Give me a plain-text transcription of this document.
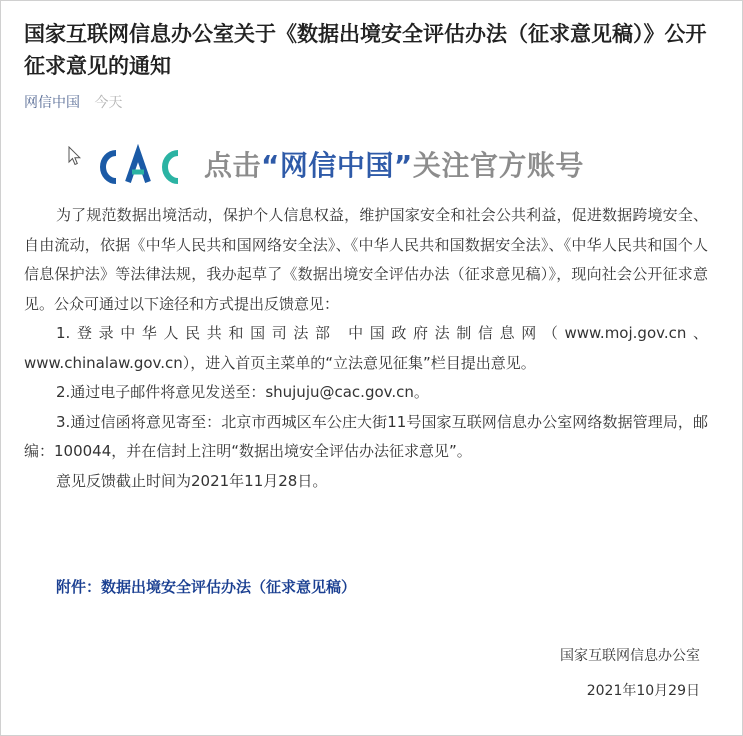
国家互联网信息办公室关于《数据出境安全评估办法（征求意见稿）》公开征求意见的通知
网信中国 今天
CAC
点击“网信中国”关注官方账号

为了规范数据出境活动，保护个人信息权益，维护国家安全和社会公共利益，促进数据跨境安全、自由流动，依据《中华人民共和国网络安全法》、《中华人民共和国数据安全法》、《中华人民共和国个人信息保护法》等法律法规，我办起草了《数据出境安全评估办法（征求意见稿）》，现向社会公开征求意见。公众可通过以下途径和方式提出反馈意见：

1.登录中华人民共和国司法部 中国政府法制信息网（www.moj.gov.cn、www.chinalaw.gov.cn），进入首页主菜单的“立法意见征集”栏目提出意见。

2.通过电子邮件将意见发送至：shujuju@cac.gov.cn。

3.通过信函将意见寄至：北京市西城区车公庄大街11号国家互联网信息办公室网络数据管理局，邮编：100044，并在信封上注明“数据出境安全评估办法征求意见”。

意见反馈截止时间为2021年11月28日。

附件：数据出境安全评估办法（征求意见稿）
国家互联网信息办公室
2021年10月29日
